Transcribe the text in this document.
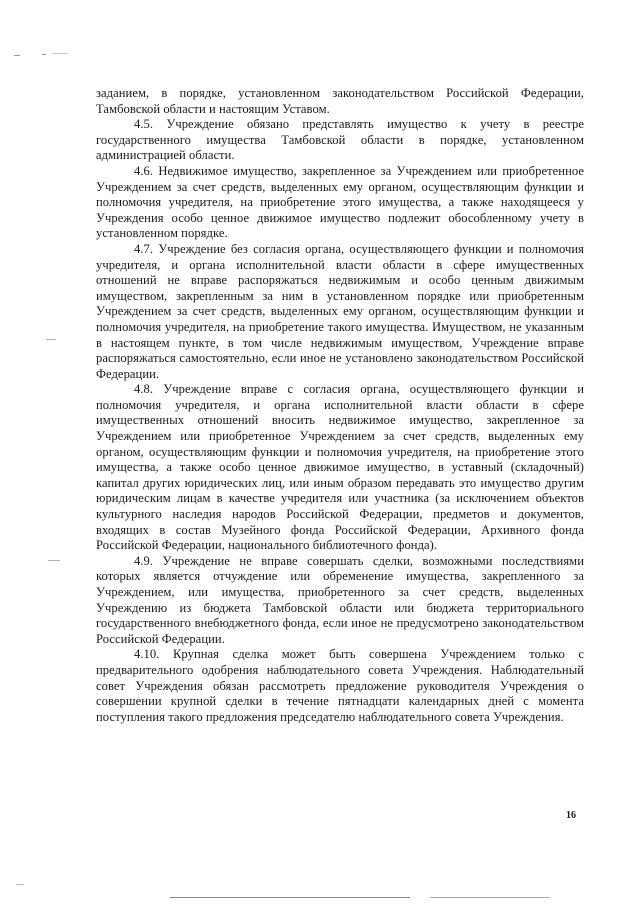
заданием, в порядке, установленном законодательством Российской Федерации, Тамбовской области и настоящим Уставом.

4.5. Учреждение обязано представлять имущество к учету в реестре государственного имущества Тамбовской области в порядке, установленном администрацией области.

4.6. Недвижимое имущество, закрепленное за Учреждением или приобретенное Учреждением за счет средств, выделенных ему органом, осуществляющим функции и полномочия учредителя, на приобретение этого имущества, а также находящееся у Учреждения особо ценное движимое имущество подлежит обособленному учету в установленном порядке.

4.7. Учреждение без согласия органа, осуществляющего функции и полномочия учредителя, и органа исполнительной власти области в сфере имущественных отношений не вправе распоряжаться недвижимым и особо ценным движимым имуществом, закрепленным за ним в установленном порядке или приобретенным Учреждением за счет средств, выделенных ему органом, осуществляющим функции и полномочия учредителя, на приобретение такого имущества. Имуществом, не указанным в настоящем пункте, в том числе недвижимым имуществом, Учреждение вправе распоряжаться самостоятельно, если иное не установлено законодательством Российской Федерации.

4.8. Учреждение вправе с согласия органа, осуществляющего функции и полномочия учредителя, и органа исполнительной власти области в сфере имущественных отношений вносить недвижимое имущество, закрепленное за Учреждением или приобретенное Учреждением за счет средств, выделенных ему органом, осуществляющим функции и полномочия учредителя, на приобретение этого имущества, а также особо ценное движимое имущество, в уставный (складочный) капитал других юридических лиц, или иным образом передавать это имущество другим юридическим лицам в качестве учредителя или участника (за исключением объектов культурного наследия народов Российской Федерации, предметов и документов, входящих в состав Музейного фонда Российской Федерации, Архивного фонда Российской Федерации, национального библиотечного фонда).

4.9. Учреждение не вправе совершать сделки, возможными последствиями которых является отчуждение или обременение имущества, закрепленного за Учреждением, или имущества, приобретенного за счет средств, выделенных Учреждению из бюджета Тамбовской области или бюджета территориального государственного внебюджетного фонда, если иное не предусмотрено законодательством Российской Федерации.

4.10. Крупная сделка может быть совершена Учреждением только с предварительного одобрения наблюдательного совета Учреждения. Наблюдательный совет Учреждения обязан рассмотреть предложение руководителя Учреждения о совершении крупной сделки в течение пятнадцати календарных дней с момента поступления такого предложения председателю наблюдательного совета Учреждения.

16
